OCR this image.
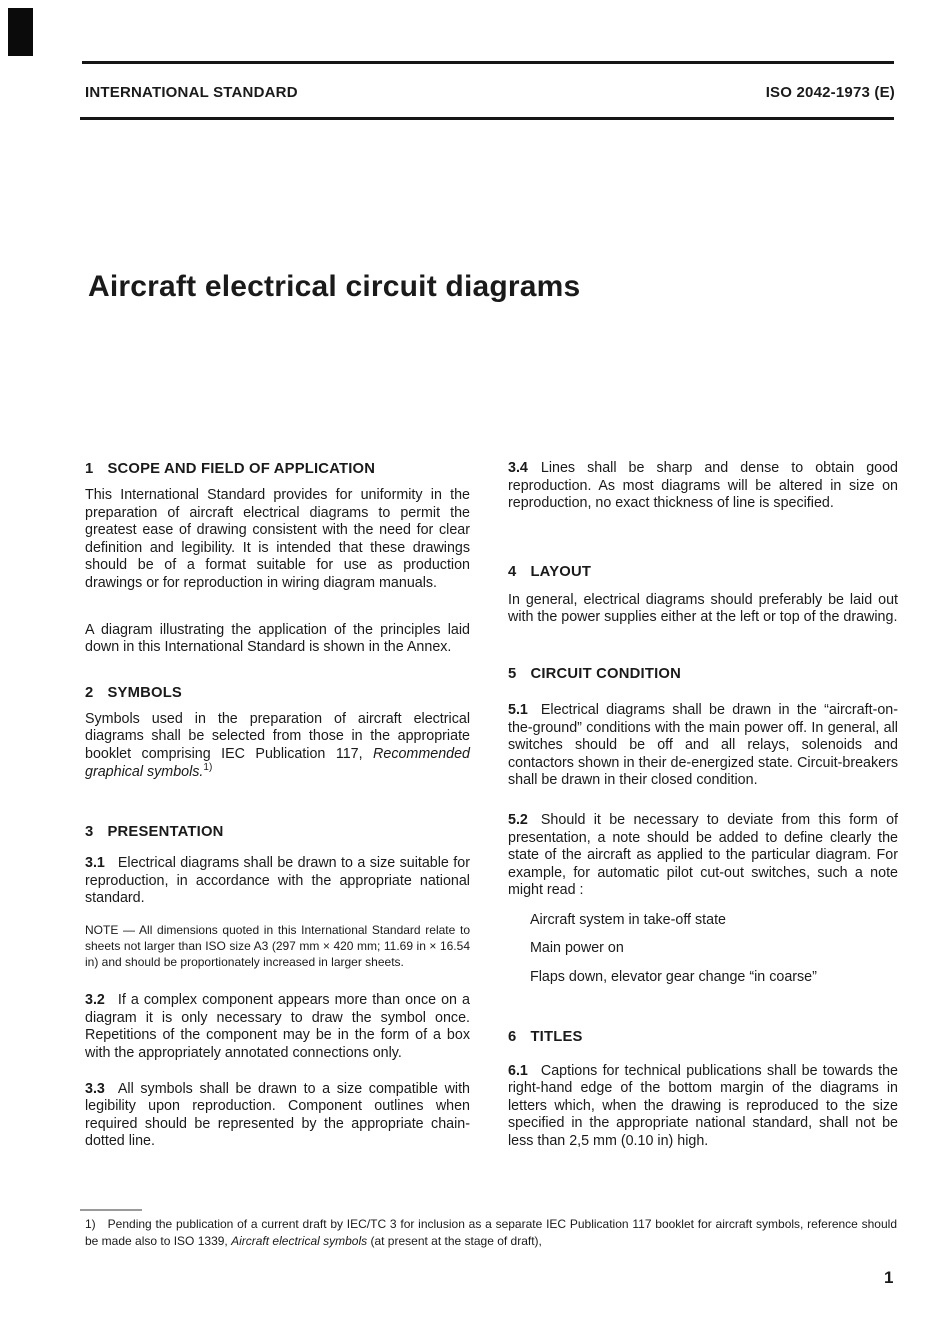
INTERNATIONAL STANDARD	ISO 2042-1973 (E)
Aircraft electrical circuit diagrams
1 SCOPE AND FIELD OF APPLICATION

This International Standard provides for uniformity in the preparation of aircraft electrical diagrams to permit the greatest ease of drawing consistent with the need for clear definition and legibility. It is intended that these drawings should be of a format suitable for use as production drawings or for reproduction in wiring diagram manuals.

A diagram illustrating the application of the principles laid down in this International Standard is shown in the Annex.

2 SYMBOLS

Symbols used in the preparation of aircraft electrical diagrams shall be selected from those in the appropriate booklet comprising IEC Publication 117, Recommended graphical symbols.$^{1)}$

3 PRESENTATION

3.1 Electrical diagrams shall be drawn to a size suitable for reproduction, in accordance with the appropriate national standard.

NOTE — All dimensions quoted in this International Standard relate to sheets not larger than ISO size A3 (297 mm × 420 mm; 11.69 in × 16.54 in) and should be proportionately increased in larger sheets.

3.2 If a complex component appears more than once on a diagram it is only necessary to draw the symbol once. Repetitions of the component may be in the form of a box with the appropriately annotated connections only.

3.3 All symbols shall be drawn to a size compatible with legibility upon reproduction. Component outlines when required should be represented by the appropriate chain-dotted line.

3.4 Lines shall be sharp and dense to obtain good reproduction. As most diagrams will be altered in size on reproduction, no exact thickness of line is specified.

4 LAYOUT

In general, electrical diagrams should preferably be laid out with the power supplies either at the left or top of the drawing.

5 CIRCUIT CONDITION

5.1 Electrical diagrams shall be drawn in the “aircraft-on-the-ground” conditions with the main power off. In general, all switches should be off and all relays, solenoids and contactors shown in their de-energized state. Circuit-breakers shall be drawn in their closed condition.

5.2 Should it be necessary to deviate from this form of presentation, a note should be added to define clearly the state of the aircraft as applied to the particular diagram. For example, for automatic pilot cut-out switches, such a note might read :

Aircraft system in take-off state

Main power on

Flaps down, elevator gear change “in coarse”

6 TITLES

6.1 Captions for technical publications shall be towards the right-hand edge of the bottom margin of the diagrams in letters which, when the drawing is reproduced to the size specified in the appropriate national standard, shall not be less than 2,5 mm (0.10 in) high.

1) Pending the publication of a current draft by IEC/TC 3 for inclusion as a separate IEC Publication 117 booklet for aircraft symbols, reference should be made also to ISO 1339, Aircraft electrical symbols (at present at the stage of draft),

1
